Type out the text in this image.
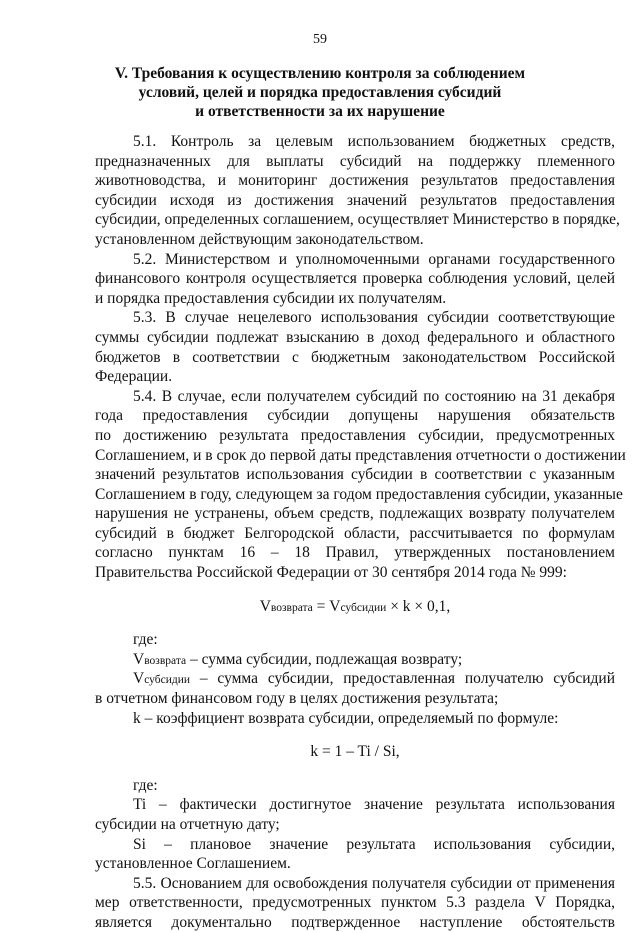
59
V. Требования к осуществлению контроля за соблюдением
условий, целей и порядка предоставления субсидий
и ответственности за их нарушение
5.1. Контроль за целевым использованием бюджетных средств,
предназначенных для выплаты субсидий на поддержку племенного
животноводства, и мониторинг достижения результатов предоставления
субсидии исходя из достижения значений результатов предоставления
субсидии, определенных соглашением, осуществляет Министерство в порядке,
установленном действующим законодательством.
5.2. Министерством и уполномоченными органами государственного
финансового контроля осуществляется проверка соблюдения условий, целей
и порядка предоставления субсидии их получателям.
5.3. В случае нецелевого использования субсидии соответствующие
суммы субсидии подлежат взысканию в доход федерального и областного
бюджетов в соответствии с бюджетным законодательством Российской
Федерации.
5.4. В случае, если получателем субсидий по состоянию на 31 декабря
года предоставления субсидии допущены нарушения обязательств
по достижению результата предоставления субсидии, предусмотренных
Соглашением, и в срок до первой даты представления отчетности о достижении
значений результатов использования субсидии в соответствии с указанным
Соглашением в году, следующем за годом предоставления субсидии, указанные
нарушения не устранены, объем средств, подлежащих возврату получателем
субсидий в бюджет Белгородской области, рассчитывается по формулам
согласно пунктам 16 – 18 Правил, утвержденных постановлением
Правительства Российской Федерации от 30 сентября 2014 года № 999:
Vвозврата = Vсубсидии × k × 0,1,
где:
Vвозврата – сумма субсидии, подлежащая возврату;
Vсубсидии – сумма субсидии, предоставленная получателю субсидий
в отчетном финансовом году в целях достижения результата;
k – коэффициент возврата субсидии, определяемый по формуле:
k = 1 – Ti / Si,
где:
Ti – фактически достигнутое значение результата использования
субсидии на отчетную дату;
Si – плановое значение результата использования субсидии,
установленное Соглашением.
5.5. Основанием для освобождения получателя субсидии от применения
мер ответственности, предусмотренных пунктом 5.3 раздела V Порядка,
является документально подтвержденное наступление обстоятельств
